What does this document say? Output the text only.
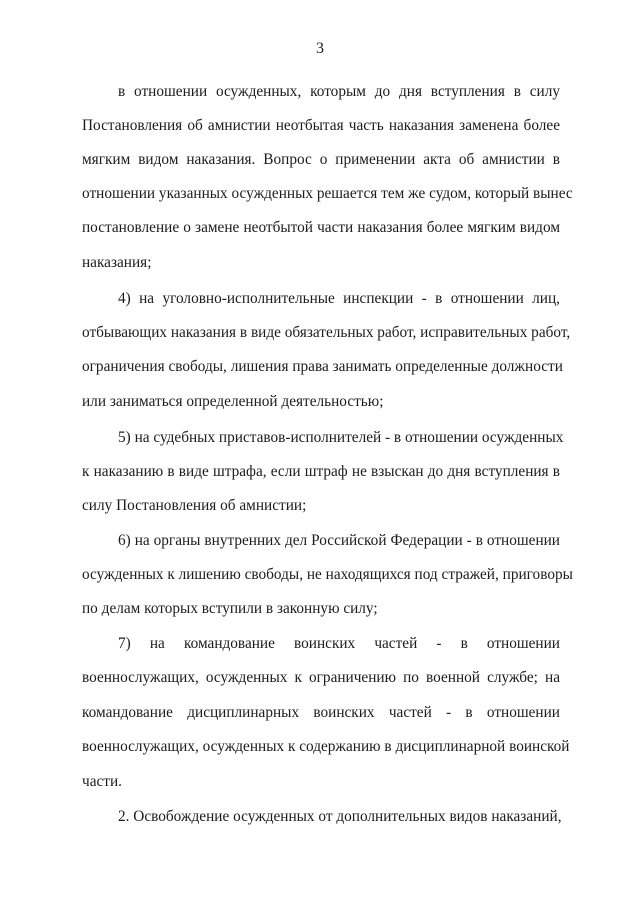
3
в отношении осужденных, которым до дня вступления в силу
Постановления об амнистии неотбытая часть наказания заменена более
мягким видом наказания. Вопрос о применении акта об амнистии в
отношении указанных осужденных решается тем же судом, который вынес
постановление о замене неотбытой части наказания более мягким видом
наказания;
4) на уголовно-исполнительные инспекции - в отношении лиц,
отбывающих наказания в виде обязательных работ, исправительных работ,
ограничения свободы, лишения права занимать определенные должности
или заниматься определенной деятельностью;
5) на судебных приставов-исполнителей - в отношении осужденных
к наказанию в виде штрафа, если штраф не взыскан до дня вступления в
силу Постановления об амнистии;
6) на органы внутренних дел Российской Федерации - в отношении
осужденных к лишению свободы, не находящихся под стражей, приговоры
по делам которых вступили в законную силу;
7) на командование воинских частей - в отношении
военнослужащих, осужденных к ограничению по военной службе; на
командование дисциплинарных воинских частей - в отношении
военнослужащих, осужденных к содержанию в дисциплинарной воинской
части.
2. Освобождение осужденных от дополнительных видов наказаний,
